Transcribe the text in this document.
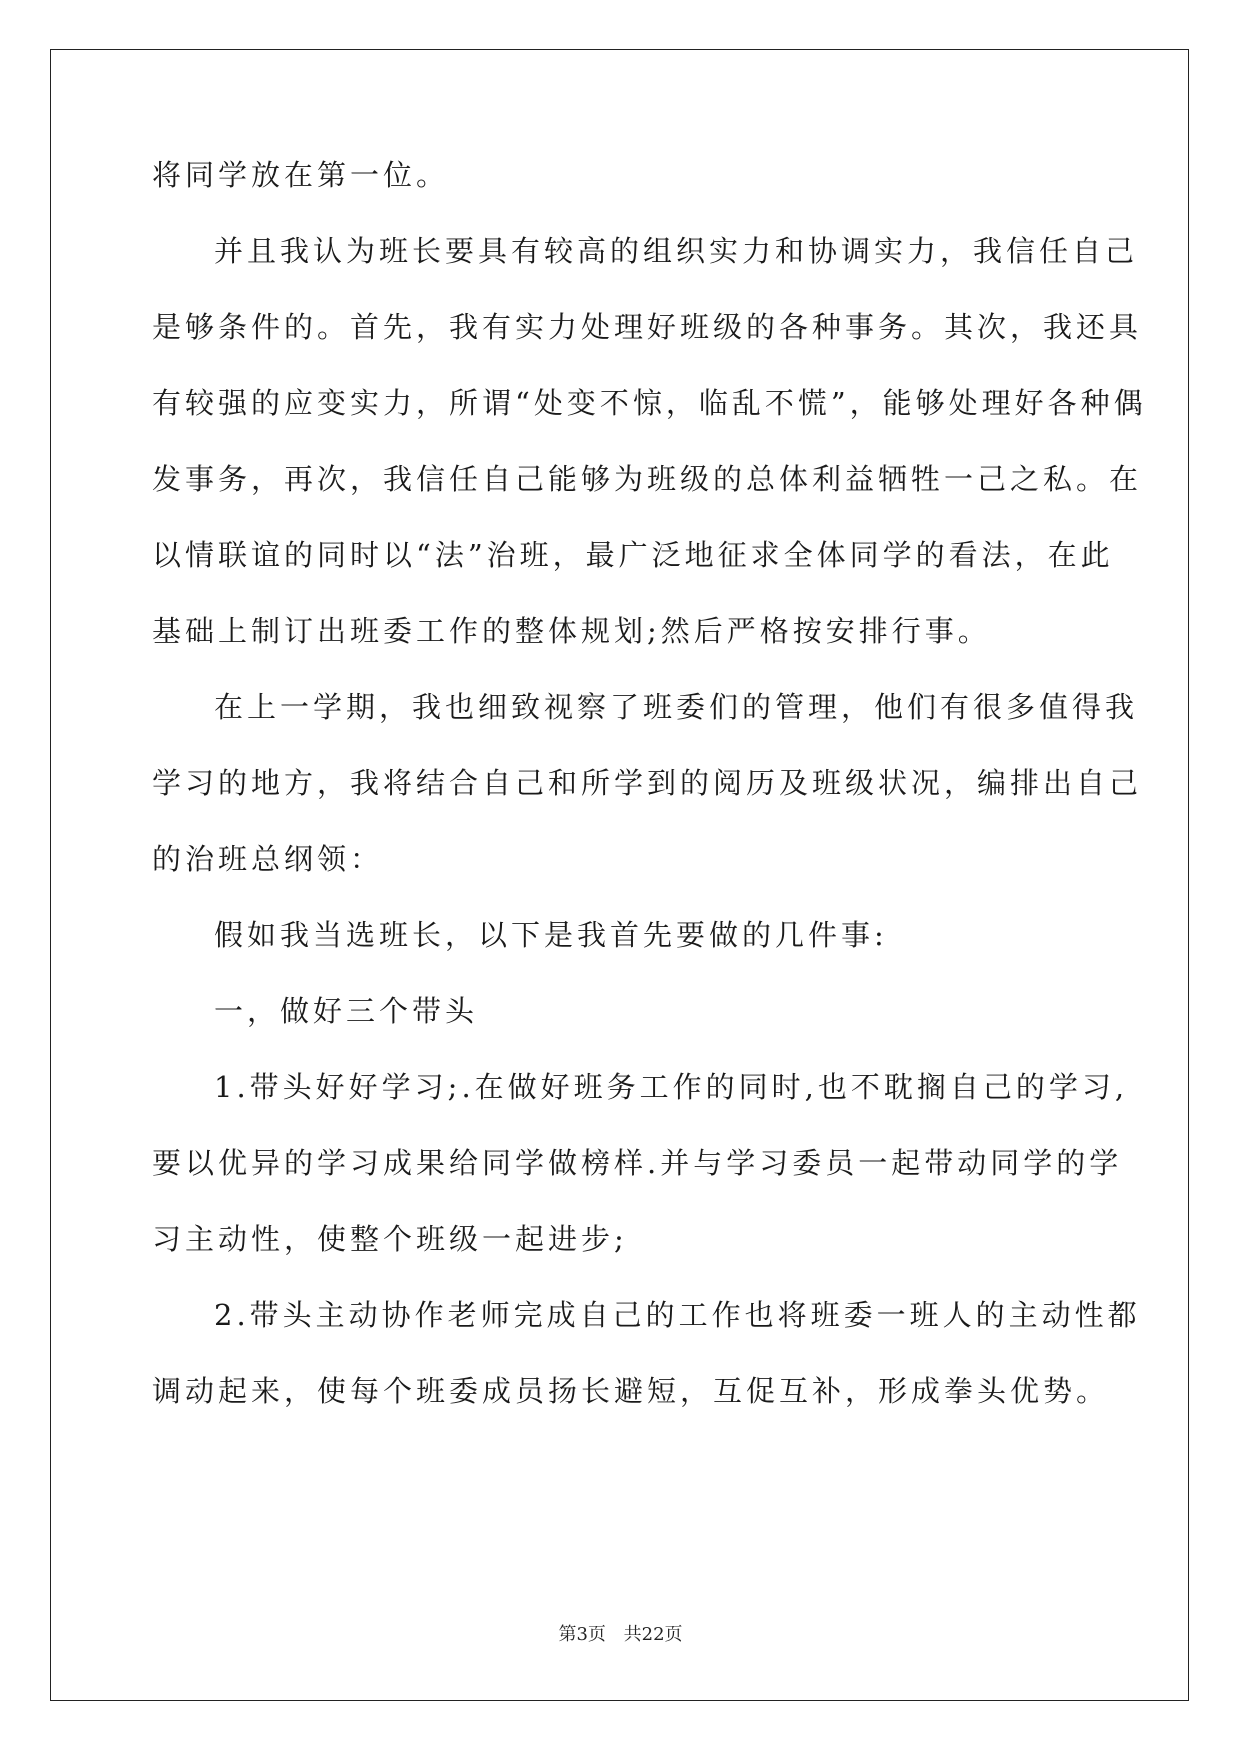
将同学放在第一位。
并且我认为班长要具有较高的组织实力和协调实力，我信任自己
是够条件的。首先，我有实力处理好班级的各种事务。其次，我还具
有较强的应变实力，所谓“处变不惊，临乱不慌”，能够处理好各种偶
发事务，再次，我信任自己能够为班级的总体利益牺牲一己之私。在
以情联谊的同时以“法”治班，最广泛地征求全体同学的看法，在此
基础上制订出班委工作的整体规划;然后严格按安排行事。
在上一学期，我也细致视察了班委们的管理，他们有很多值得我
学习的地方，我将结合自己和所学到的阅历及班级状况，编排出自己
的治班总纲领：
假如我当选班长，以下是我首先要做的几件事:
一，做好三个带头
1.带头好好学习;.在做好班务工作的同时,也不耽搁自己的学习,
要以优异的学习成果给同学做榜样.并与学习委员一起带动同学的学
习主动性，使整个班级一起进步;
2.带头主动协作老师完成自己的工作也将班委一班人的主动性都
调动起来，使每个班委成员扬长避短，互促互补，形成拳头优势。
第3页 共22页
